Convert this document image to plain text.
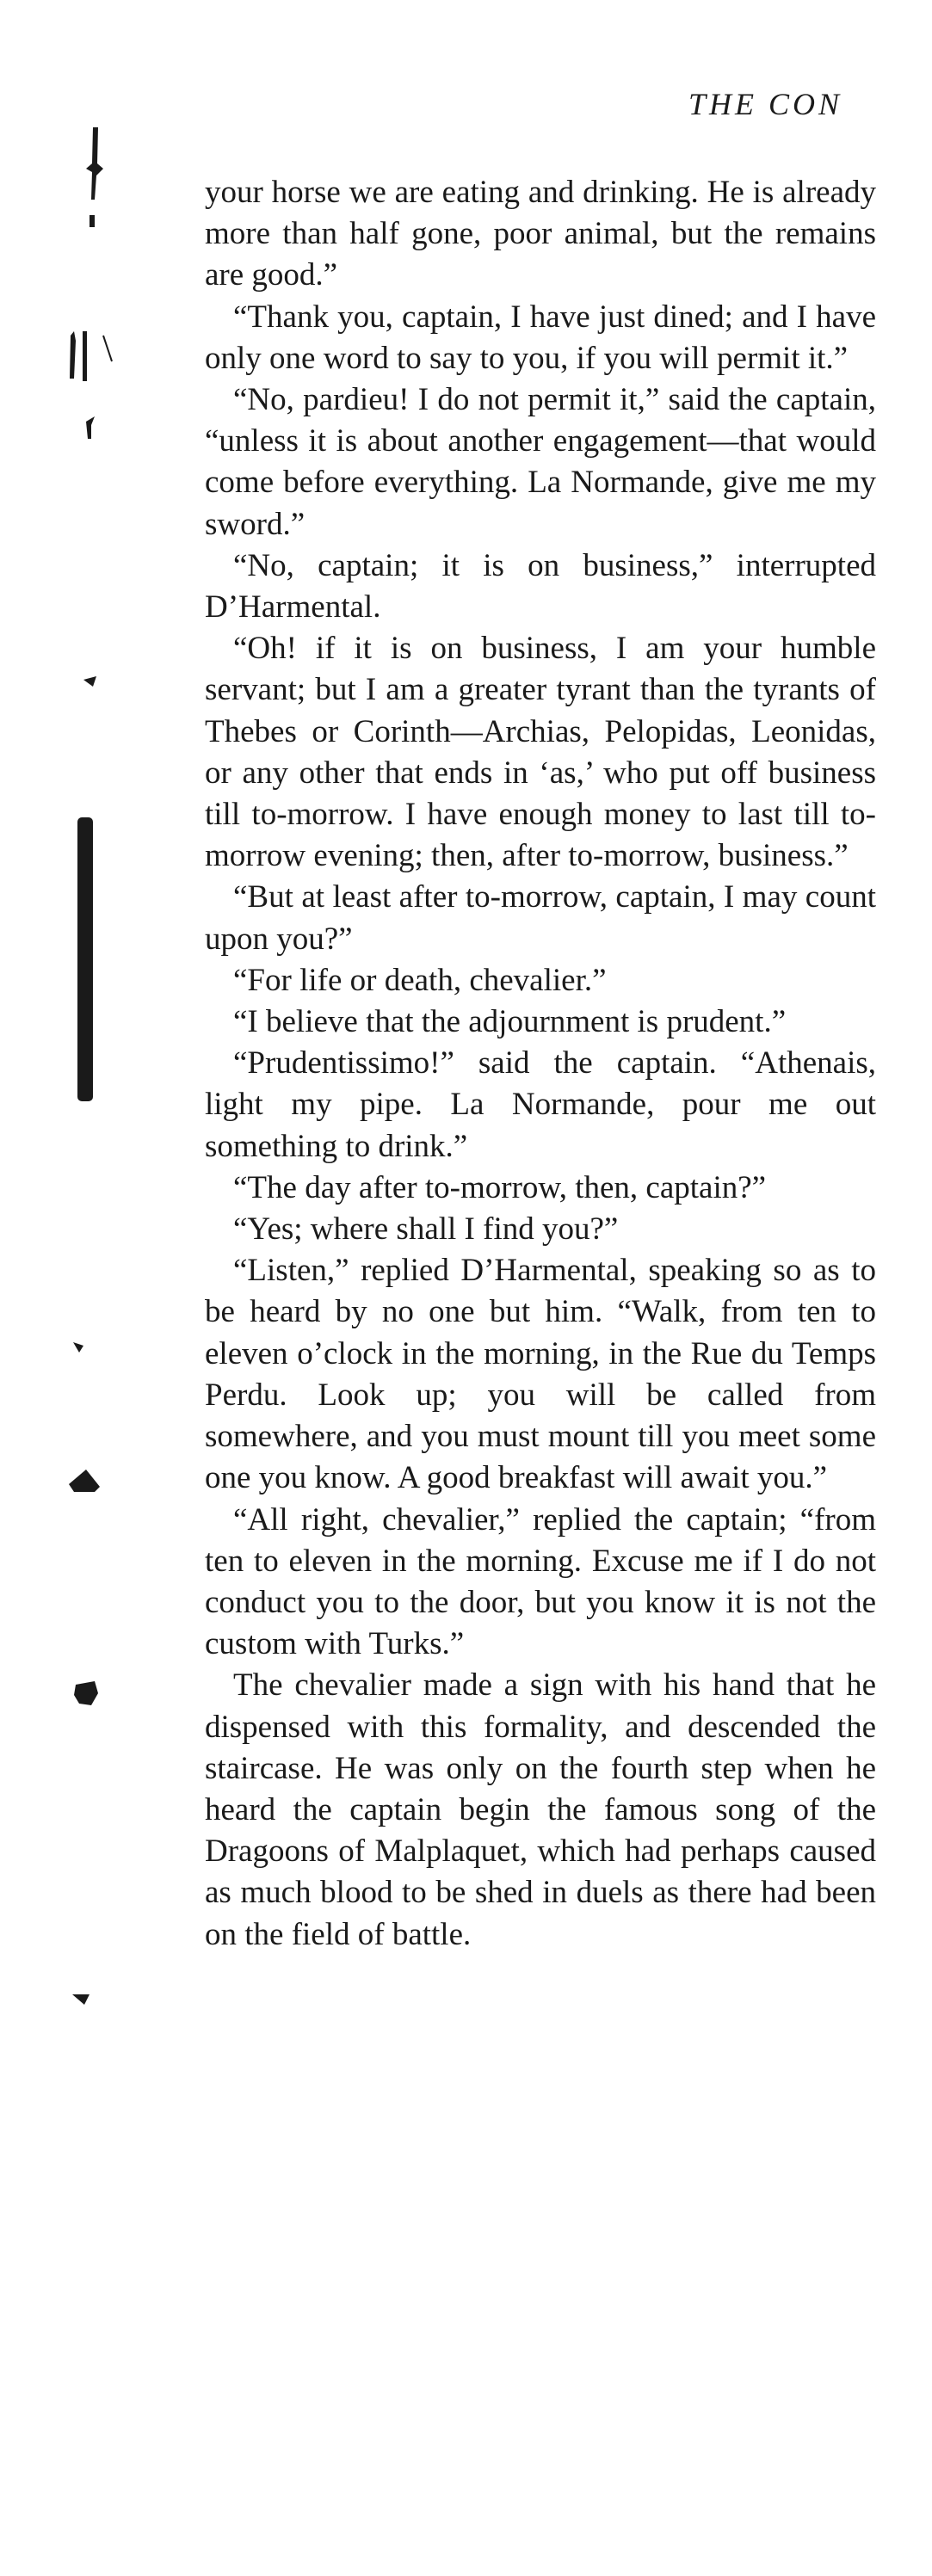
THE CON

your horse we are eating and drinking. He is already more than half gone, poor animal, but the remains are good.”

“Thank you, captain, I have just dined; and I have only one word to say to you, if you will permit it.”

“No, pardieu! I do not permit it,” said the captain, “unless it is about another engagement—that would come before everything. La Normande, give me my sword.”

“No, captain; it is on business,” interrupted D’Harmental.

“Oh! if it is on business, I am your humble servant; but I am a greater tyrant than the tyrants of Thebes or Corinth—Archias, Pelopidas, Leonidas, or any other that ends in ‘as,’ who put off business till to-morrow. I have enough money to last till to-morrow evening; then, after to-morrow, business.”

“But at least after to-morrow, captain, I may count upon you?”

“For life or death, chevalier.”

“I believe that the adjournment is prudent.”

“Prudentissimo!” said the captain. “Athenais, light my pipe. La Normande, pour me out something to drink.”

“The day after to-morrow, then, captain?”

“Yes; where shall I find you?”

“Listen,” replied D’Harmental, speaking so as to be heard by no one but him. “Walk, from ten to eleven o’clock in the morning, in the Rue du Temps Perdu. Look up; you will be called from somewhere, and you must mount till you meet some one you know. A good breakfast will await you.”

“All right, chevalier,” replied the captain; “from ten to eleven in the morning. Excuse me if I do not conduct you to the door, but you know it is not the custom with Turks.”

The chevalier made a sign with his hand that he dispensed with this formality, and descended the staircase. He was only on the fourth step when he heard the captain begin the famous song of the Dragoons of Malplaquet, which had perhaps caused as much blood to be shed in duels as there had been on the field of battle.
